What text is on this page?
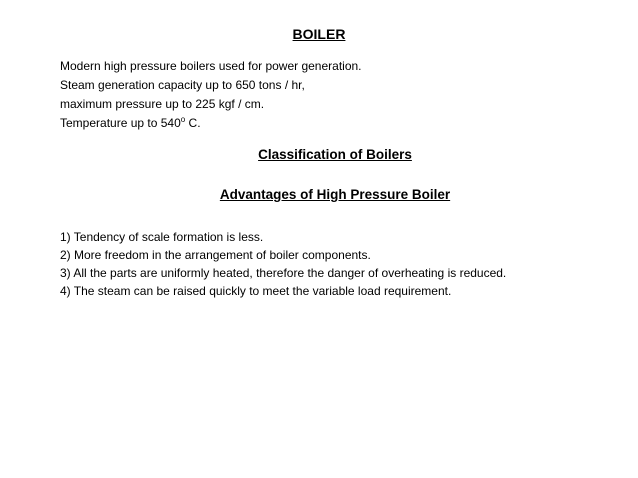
BOILER
Modern high pressure boilers used for power generation.
Steam generation capacity up to 650 tons / hr,
maximum pressure up to 225 kgf / cm.
Temperature up to 540$^o$ C.
Classification of Boilers
Advantages of High Pressure Boiler
1) Tendency of scale formation is less.
2) More freedom in the arrangement of boiler components.
3) All the parts are uniformly heated, therefore the danger of overheating is reduced.
4) The steam can be raised quickly to meet the variable load requirement.
